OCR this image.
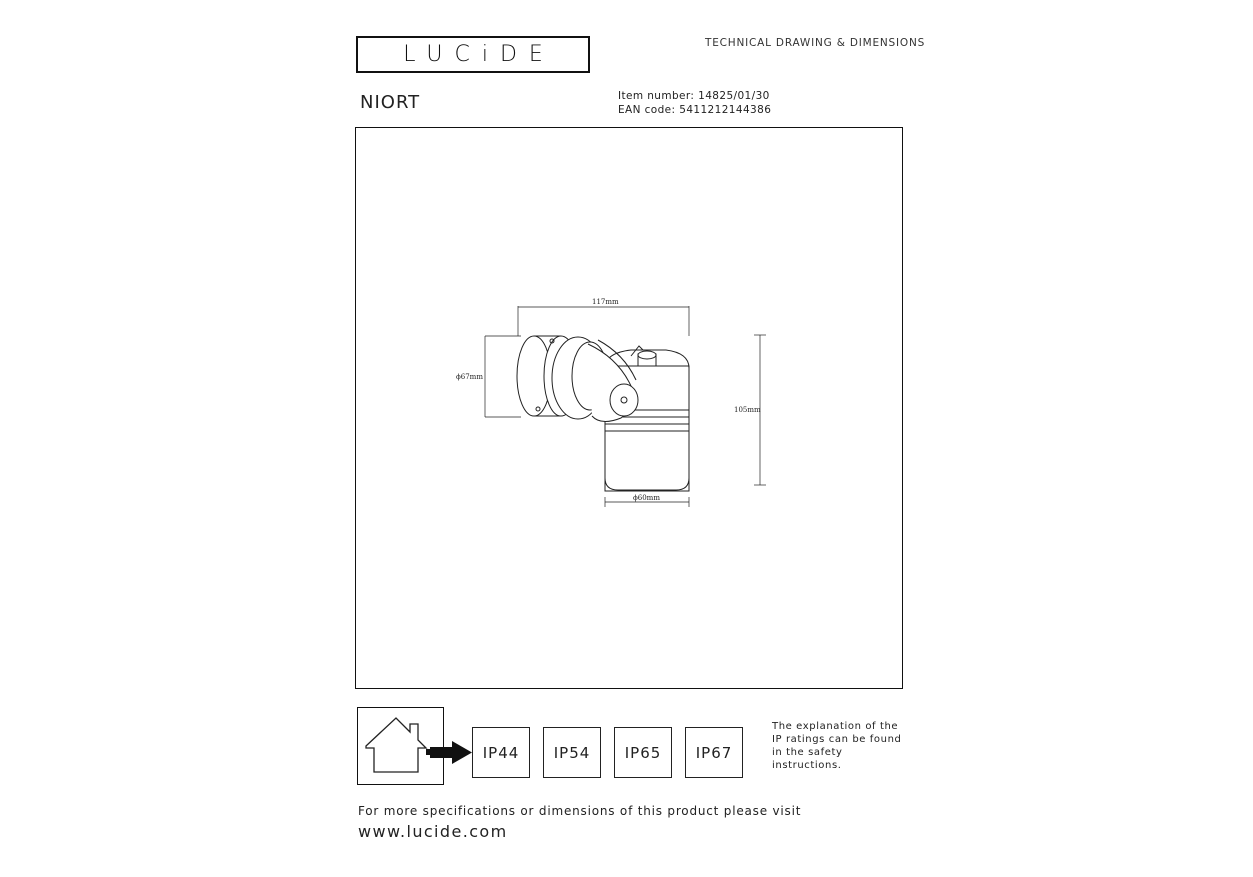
LUCiDE	TECHNICAL DRAWING & DIMENSIONS
NIORT	Item number: 14825/01/30
EAN code: 5411212144386
117mm
ϕ67mm
105mm
ϕ60mm
IP44	IP54	IP65	IP67
The explanation of the IP ratings can be found in the safety instructions.
For more specifications or dimensions of this product please visit
www.lucide.com
